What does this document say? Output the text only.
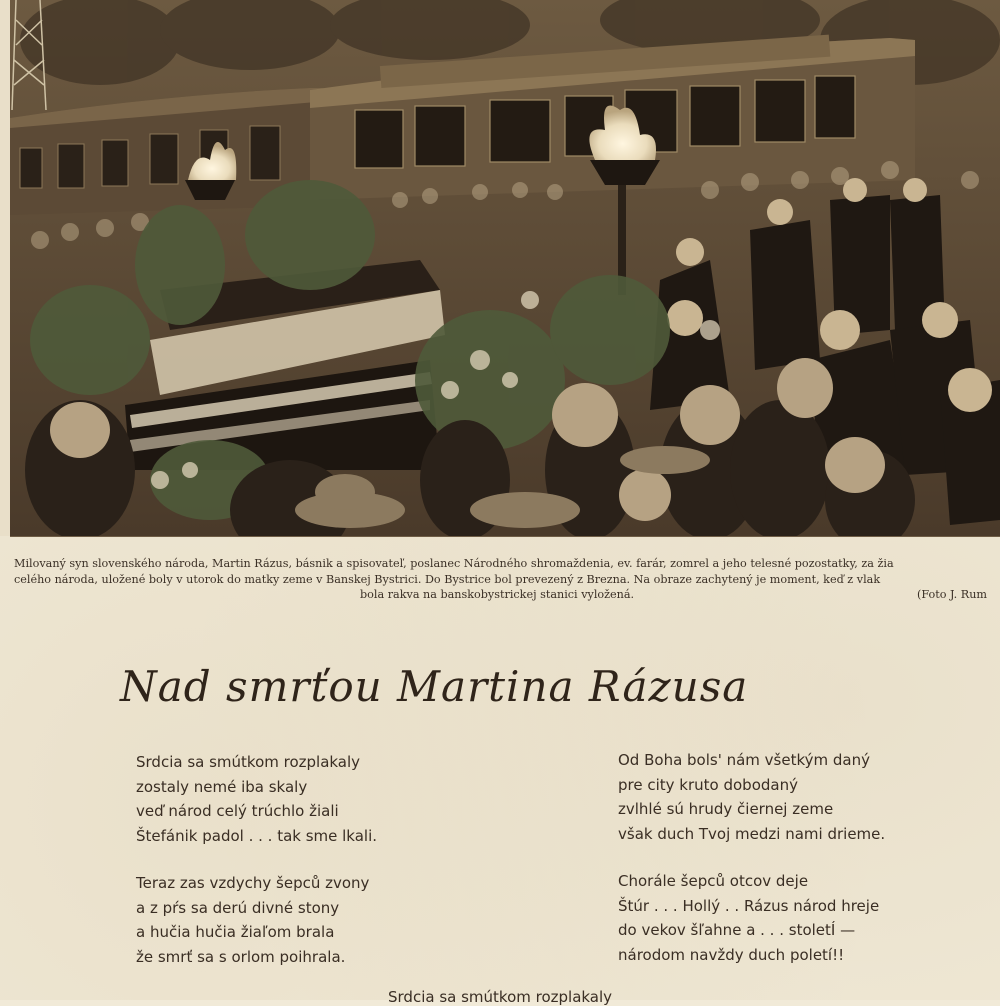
Milovaný syn slovenského národa, Martin Rázus, básnik a spisovateľ, poslanec Národného shromaždenia, ev. farár, zomrel a jeho telesné pozostatky, za žia
celého národa, uložené boly v utorok do matky zeme v Banskej Bystrici. Do Bystrice bol prevezený z Brezna. Na obraze zachytený je moment, keď z vlak
bola rakva na banskobystrickej stanici vyložená.	(Foto J. Rum
Nad smrťou Martina Rázusa
Srdcia sa smútkom rozplakaly
zostaly nemé iba skaly
veď národ celý trúchlo žiali
Štefánik padol . . . tak sme lkali.
Teraz zas vzdychy šepců zvony
a z pŕs sa derú divné stony
a hučia hučia žiaľom brala
že smrť sa s orlom poihrala.
Od Boha bols' nám všetkým daný
pre city kruto dobodaný
zvlhlé sú hrudy čiernej zeme
však duch Tvoj medzi nami drieme.
Chorále šepců otcov deje
Štúr . . . Hollý . . Rázus národ hreje
do vekov šľahne a . . . stoletÍ —
národom navždy duch poletí!!
Srdcia sa smútkom rozplakaly
